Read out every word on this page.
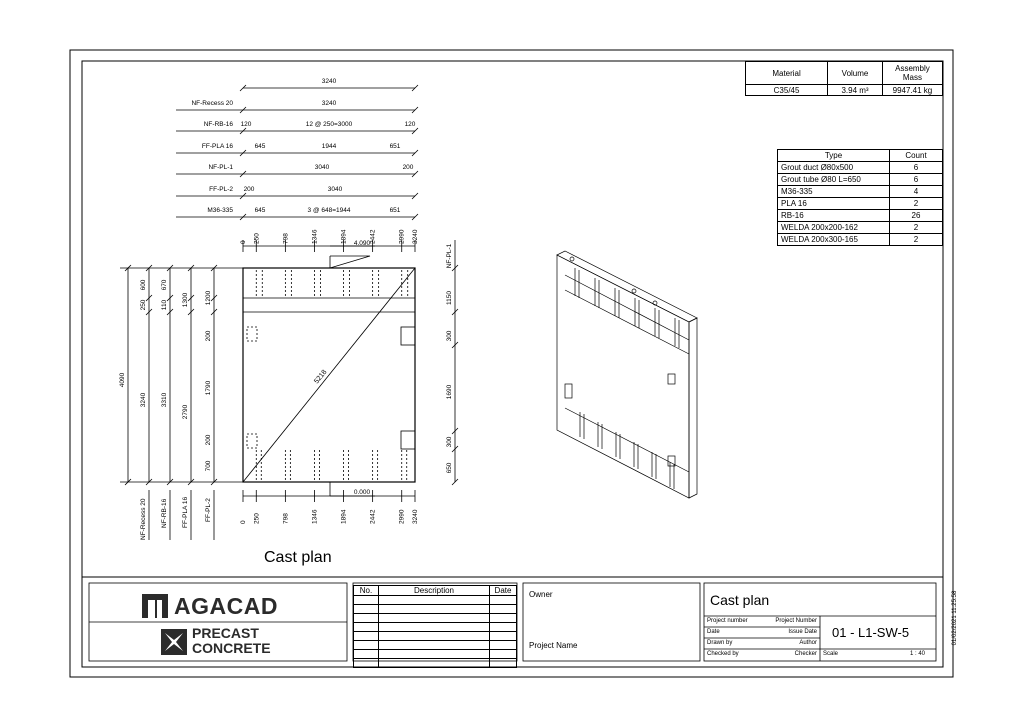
Material	Volume	Assembly Mass
C35/45	3.94 m³	9947.41 kg
Type	Count
Grout duct Ø80x500	6
Grout tube Ø80 L=650	6
M36-335	4
PLA 16	2
RB-16	26
WELDA 200x200-162	2
WELDA 200x300-165	2
3240
3240
120	12 @ 250=3000	120
645	1944	651
3040	200
200	3040
645	3 @ 648=1944	651
4.090
0.000
NF-Recess 20
NF-RB-16
FF-PLA 16
NF-PL-1
FF-PL-2
M36-335
0 250	798	1346	1894	2442	2990 3240
0 250	798	1346	1894	2442	2990 3240
5218
4090
600
250
3240
670
110
3310
1300
2790
1200
200
1790
200
700
NF-Recess 20 NF-RB-16 FF-PLA 16 FF-PL-2
NF-PL-1
1150
300
1690
300
650
Cast plan
AGACAD
PRECAST
CONCRETE
No.	Description	Date

		Owner
Project Name
Cast plan
Project number	Project Number
Date	Issue Date
Drawn by	Author
Checked by	Checker
01 - L1-SW-5
Scale	1 : 40
01/02/2021 11:25:58
